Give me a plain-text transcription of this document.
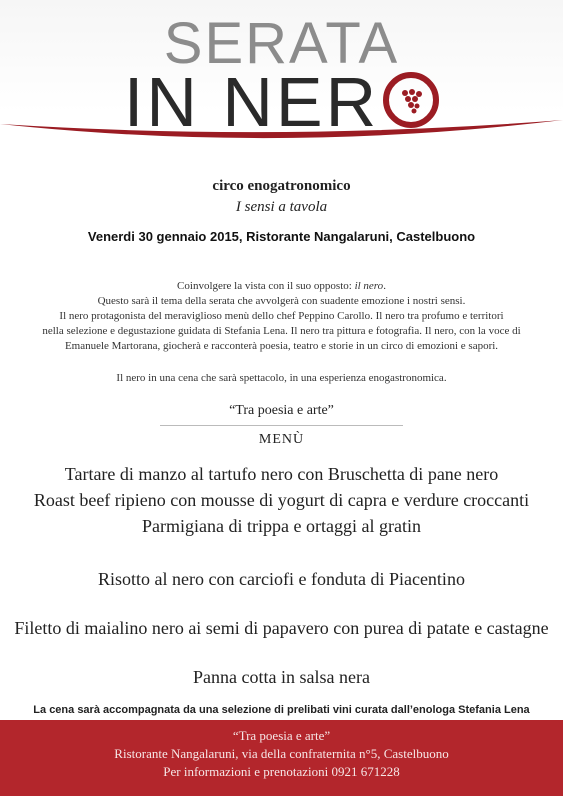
SERATA
IN NER
circo enogatronomico
I sensi a tavola
Venerdi 30 gennaio 2015, Ristorante Nangalaruni, Castelbuono

Coinvolgere la vista con il suo opposto: il nero.

Questo sarà il tema della serata che avvolgerà con suadente emozione i nostri sensi.

Il nero protagonista del meraviglioso menù dello chef Peppino Carollo. Il nero tra profumo e territori

nella selezione e degustazione guidata di Stefania Lena. Il nero tra pittura e fotografia. Il nero, con la voce di

Emanuele Martorana, giocherà e racconterà poesia, teatro e storie in un circo di emozioni e sapori.

Il nero in una cena che sarà spettacolo, in una esperienza enogastronomica.
“Tra poesia e arte”
MENÙ
Tartare di manzo al tartufo nero con Bruschetta di pane nero
Roast beef ripieno con mousse di yogurt di capra e verdure croccanti
Parmigiana di trippa e ortaggi al gratin
Risotto al nero con carciofi e fonduta di Piacentino
Filetto di maialino nero ai semi di papavero con purea di patate e castagne
Panna cotta in salsa nera
La cena sarà accompagnata da una selezione di prelibati vini curata dall’enologa Stefania Lena
“Tra poesia e arte”
Ristorante Nangalaruni, via della confraternita n°5, Castelbuono
Per informazioni e prenotazioni 0921 671228
